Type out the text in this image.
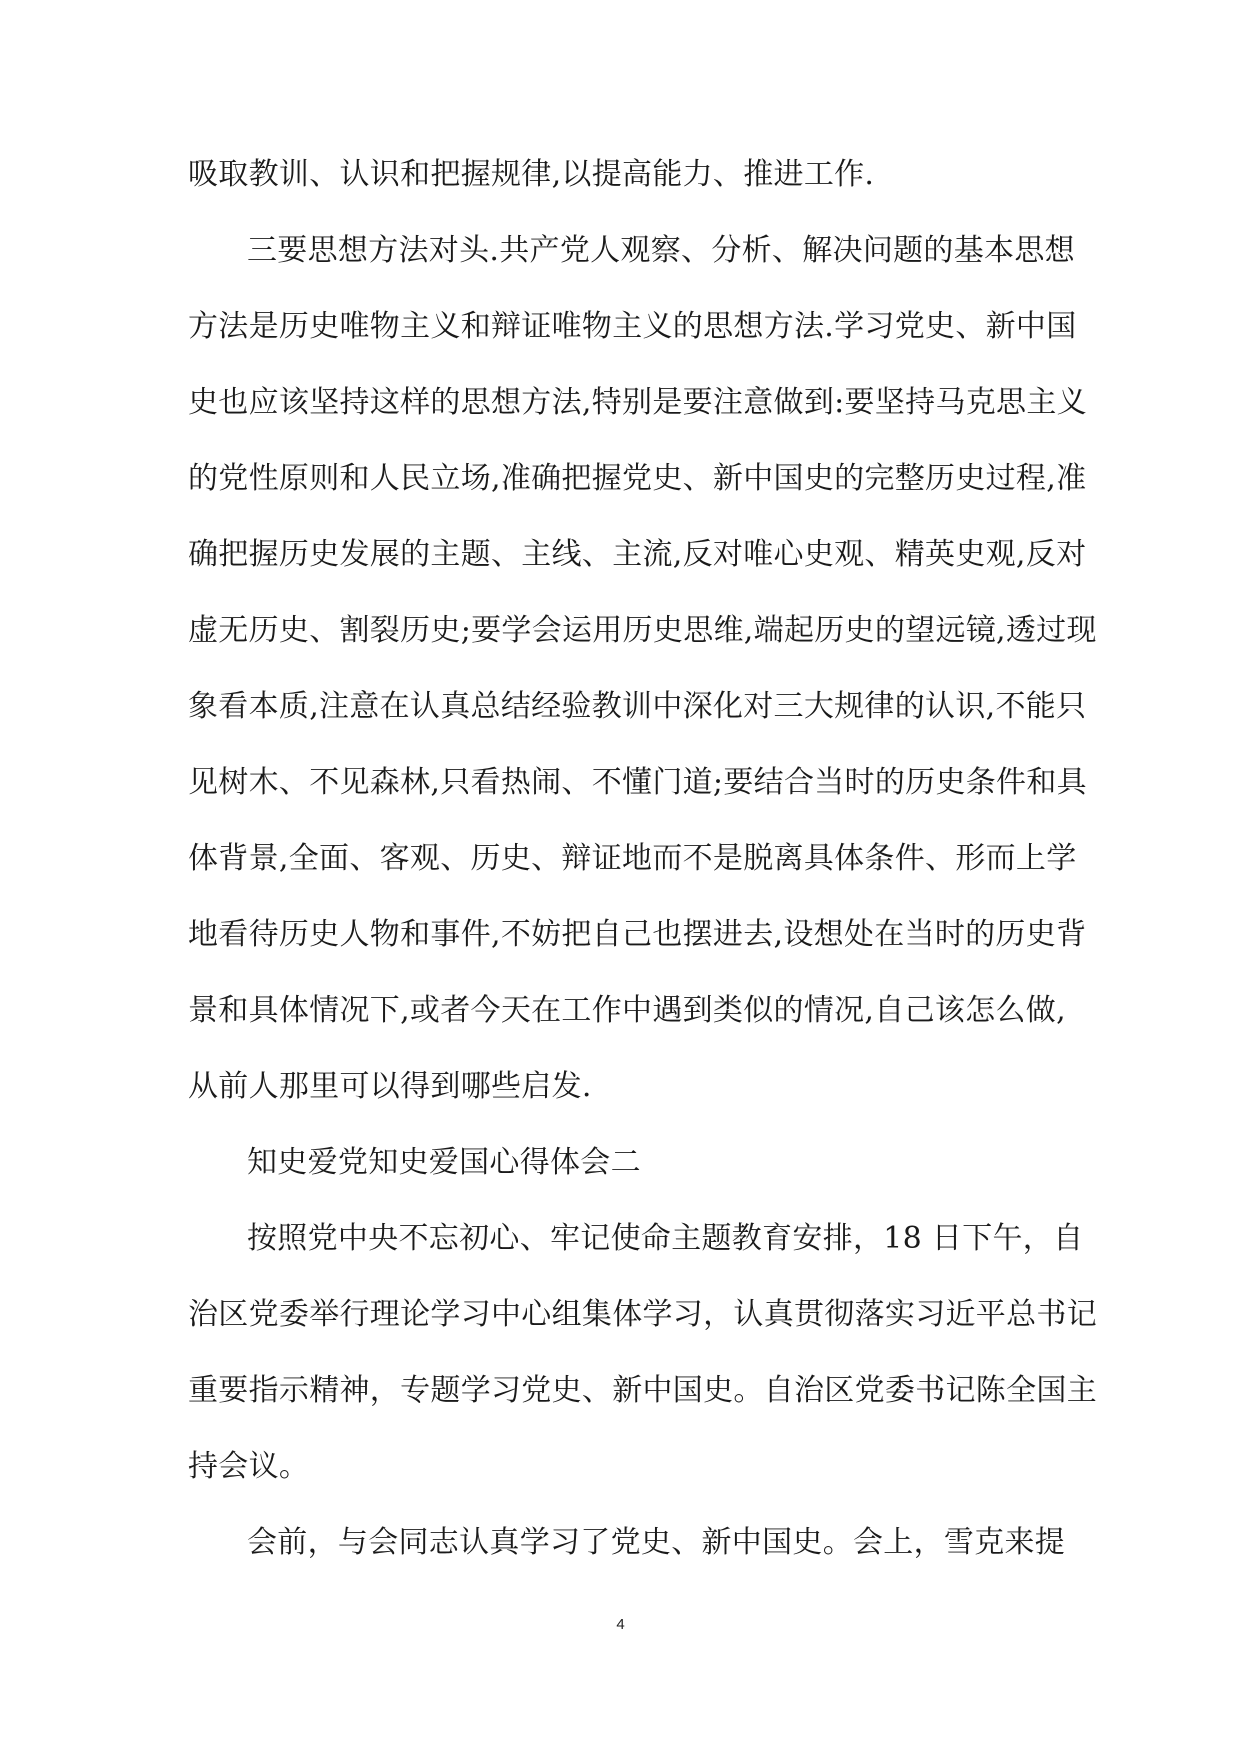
吸取教训、认识和把握规律,以提高能力、推进工作.
三要思想方法对头.共产党人观察、分析、解决问题的基本思想
方法是历史唯物主义和辩证唯物主义的思想方法.学习党史、新中国
史也应该坚持这样的思想方法,特别是要注意做到:要坚持马克思主义
的党性原则和人民立场,准确把握党史、新中国史的完整历史过程,准
确把握历史发展的主题、主线、主流,反对唯心史观、精英史观,反对
虚无历史、割裂历史;要学会运用历史思维,端起历史的望远镜,透过现
象看本质,注意在认真总结经验教训中深化对三大规律的认识,不能只
见树木、不见森林,只看热闹、不懂门道;要结合当时的历史条件和具
体背景,全面、客观、历史、辩证地而不是脱离具体条件、形而上学
地看待历史人物和事件,不妨把自己也摆进去,设想处在当时的历史背
景和具体情况下,或者今天在工作中遇到类似的情况,自己该怎么做,
从前人那里可以得到哪些启发.
知史爱党知史爱国心得体会二
按照党中央不忘初心、牢记使命主题教育安排，18 日下午，自
治区党委举行理论学习中心组集体学习，认真贯彻落实习近平总书记
重要指示精神，专题学习党史、新中国史。自治区党委书记陈全国主
持会议。
会前，与会同志认真学习了党史、新中国史。会上，雪克来提
4
